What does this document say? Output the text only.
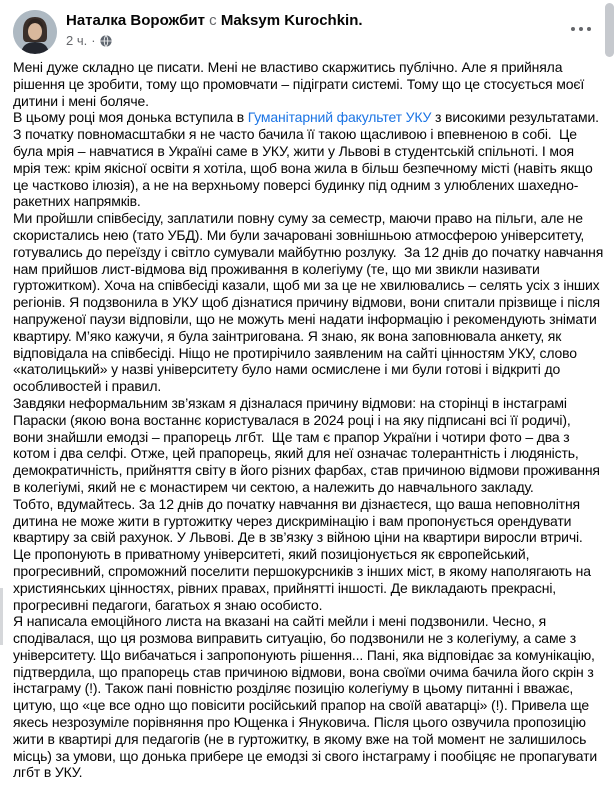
Наталка Ворожбит с Maksym Kurochkin.
2 ч. ·

Мені дуже складно це писати. Мені не властиво скаржитись публічно. Але я прийняла рішення це зробити, тому що промовчати – підіграти системі. Тому що це стосується моєї дитини і мені боляче.

В цьому році моя донька вступила в Гуманітарний факультет УКУ з високими результатами. З початку повномасштабки я не часто бачила її такою щасливою і впевненою в собі.  Це була мрія – навчатися в Україні саме в УКУ, жити у Львові в студентській спільноті. І моя мрія теж: крім якісної освіти я хотіла, щоб вона жила в більш безпечному місті (навіть якщо це частково ілюзія), а не на верхньому поверсі будинку під одним з улюблених шахедно-ракетних напрямків.

Ми пройшли співбесіду, заплатили повну суму за семестр, маючи право на пільги, але не скористались нею (тато УБД). Ми були зачаровані зовнішньою атмосферою університету, готувались до переїзду і світло сумували майбутню розлуку.  За 12 днів до початку навчання нам прийшов лист-відмова від проживання в колегіуму (те, що ми звикли називати гуртожитком). Хоча на співбесіді казали, щоб ми за це не хвилювались – селять усіх з інших регіонів. Я подзвонила в УКУ щоб дізнатися причину відмови, вони спитали прізвище і після напруженої паузи відповіли, що не можуть мені надати інформацію і рекомендують знімати квартиру. М’яко кажучи, я була заінтригована. Я знаю, як вона заповнювала анкету, як відповідала на співбесіді. Ніщо не протирічило заявленим на сайті цінностям УКУ, слово «католицький» у назві університету було нами осмислене і ми були готові і відкриті до особливостей і правил.

Завдяки неформальним зв’язкам я дізналася причину відмови: на сторінці в інстаграмі Параски (якою вона востаннє користувалася в 2024 році і на яку підписані всі її родичі), вони знайшли емодзі – прапорець лгбт.  Ще там є прапор України і чотири фото – два з котом і два селфі. Отже, цей прапорець, який для неї означає толерантність і людяність, демократичність, прийняття світу в його різних фарбах, став причиною відмови проживання в колегіумі, який не є монастирем чи сектою, а належить до навчального закладу.

Тобто, вдумайтесь. За 12 днів до початку навчання ви дізнаєтеся, що ваша неповнолітня дитина не може жити в гуртожитку через дискримінацію і вам пропонується орендувати квартиру за свій рахунок. У Львові. Де в зв’язку з війною ціни на квартири виросли втричі. Це пропонують в приватному університеті, який позиціонується як європейський, прогресивний, спроможний поселити першокурсників з інших міст, в якому наполягають на християнських цінностях, рівних правах, прийнятті іншості. Де викладають прекрасні, прогресивні педагоги, багатьох я знаю особисто.

Я написала емоційного листа на вказані на сайті мейли і мені подзвонили. Чесно, я сподівалася, що ця розмова виправить ситуацію, бо подзвонили не з колегіуму, а саме з університету. Що вибачаться і запропонують рішення... Пані, яка відповідає за комунікацію, підтвердила, що прапорець став причиною відмови, вона своїми очима бачила його скрін з інстаграму (!). Також пані повністю розділяє позицію колегіуму в цьому питанні і вважає, цитую, що «це все одно що повісити російський прапор на своїй аватарці» (!). Привела ще якесь незрозуміле порівняння про Ющенка і Януковича. Після цього озвучила пропозицію жити в квартирі для педагогів (не в гуртожитку, в якому вже на той момент не залишилось місць) за умови, що донька прибере це емодзі зі свого інстаграму і пообіцяє не пропагувати лгбт в УКУ.
